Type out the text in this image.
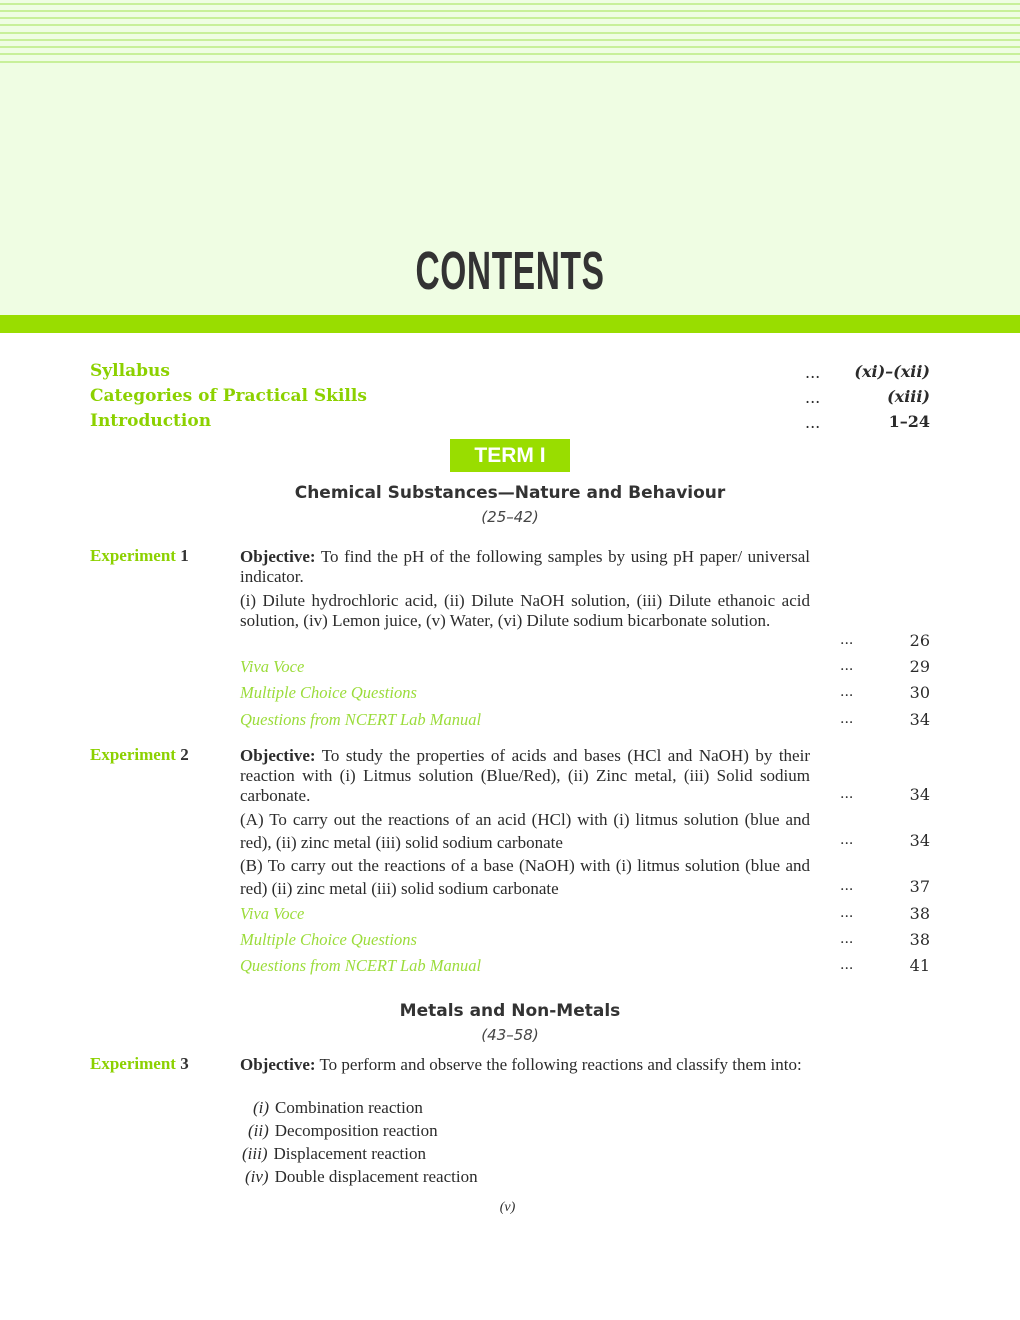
CONTENTS
Syllabus	... (xi)–(xii)
Categories of Practical Skills	...	(xiii)
Introduction	...	1–24
TERM I
Chemical Substances—Nature and Behaviour
(25–42)
Experiment 1	Objective: To find the pH of the following samples by using pH paper/ universal indicator.
(i) Dilute hydrochloric acid, (ii) Dilute NaOH solution, (iii) Dilute ethanoic acid solution, (iv) Lemon juice, (v) Water, (vi) Dilute sodium bicarbonate solution.
...	26
Viva Voce	...	29
Multiple Choice Questions	...	30
Questions from NCERT Lab Manual	...	34
Experiment 2	Objective: To study the properties of acids and bases (HCl and NaOH) by their reaction with (i) Litmus solution (Blue/Red), (ii) Zinc metal, (iii) Solid sodium carbonate.	...	34
(A) To carry out the reactions of an acid (HCl) with (i) litmus solution (blue and red), (ii) zinc metal (iii) solid sodium carbonate	...	34
(B) To carry out the reactions of a base (NaOH) with (i) litmus solution (blue and red) (ii) zinc metal (iii) solid sodium carbonate	...	37
Viva Voce	...	38
Multiple Choice Questions	...	38
Questions from NCERT Lab Manual	...	41
Metals and Non-Metals
(43–58)
Experiment 3	Objective: To perform and observe the following reactions and classify them into:
(i) Combination reaction
(ii) Decomposition reaction
(iii) Displacement reaction
(iv) Double displacement reaction
(v)
